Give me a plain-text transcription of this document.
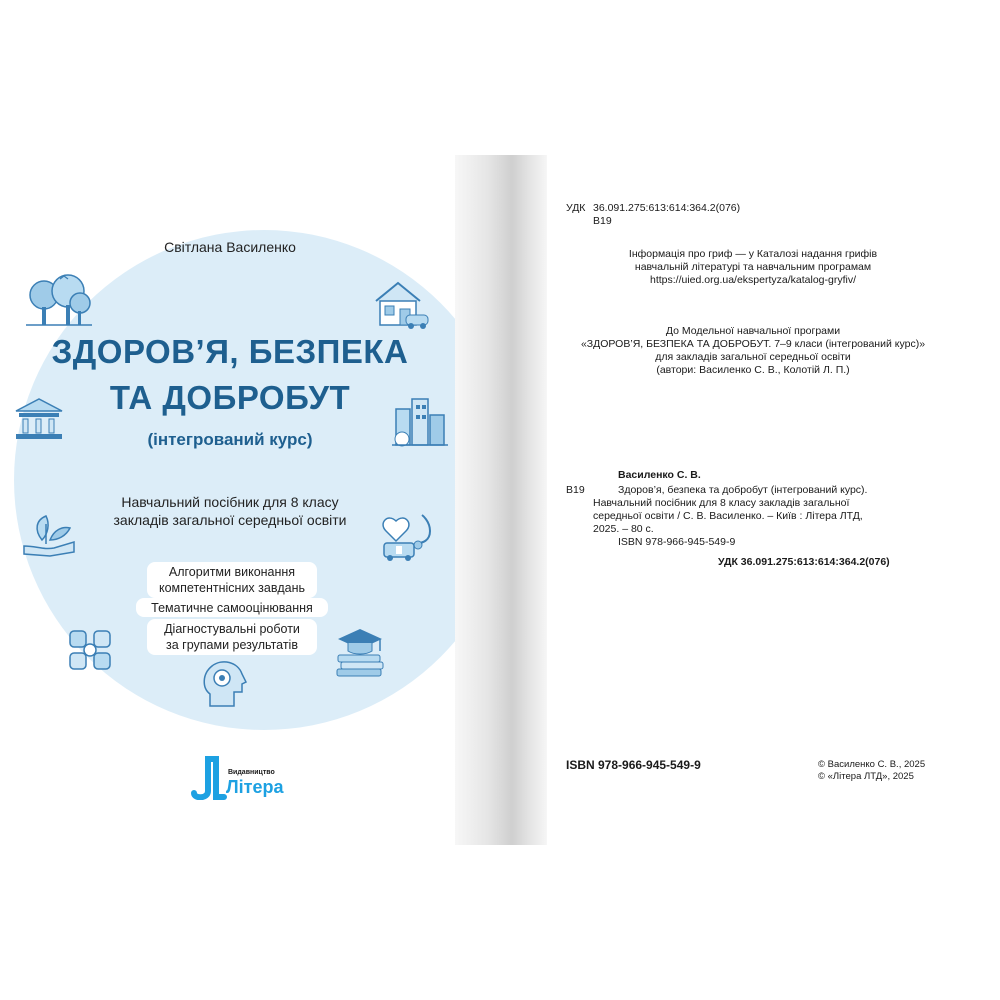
Світлана Василенко
ЗДОРОВ’Я, БЕЗПЕКА
ТА ДОБРОБУТ
(інтегрований курс)
Навчальний посібник для 8 класу
закладів загальної середньої освіти
Алгоритми виконання
компетентнісних завдань
Тематичне самооцінювання
Діагностувальні роботи
за групами результатів
Видавництво
Літера
УДК 36.091.275:613:614:364.2(076)
В19
Інформація про гриф — у Каталозі надання грифів
навчальній літературі та навчальним програмам
https://uied.org.ua/ekspertyza/katalog-gryfiv/
До Модельної навчальної програми
«ЗДОРОВ’Я, БЕЗПЕКА ТА ДОБРОБУТ. 7–9 класи (інтегрований курс)»
для закладів загальної середньої освіти
(автори: Василенко С. В., Колотій Л. П.)
Василенко С. В.
В19	Здоров’я, безпека та добробут (інтегрований курс).
Навчальний посібник для 8 класу закладів загальної
середньої освіти / С. В. Василенко. – Київ : Літера ЛТД,
2025. – 80 с.
ISBN 978-966-945-549-9
УДК 36.091.275:613:614:364.2(076)
ISBN 978-966-945-549-9	© Василенко С. В., 2025
© «Літера ЛТД», 2025
